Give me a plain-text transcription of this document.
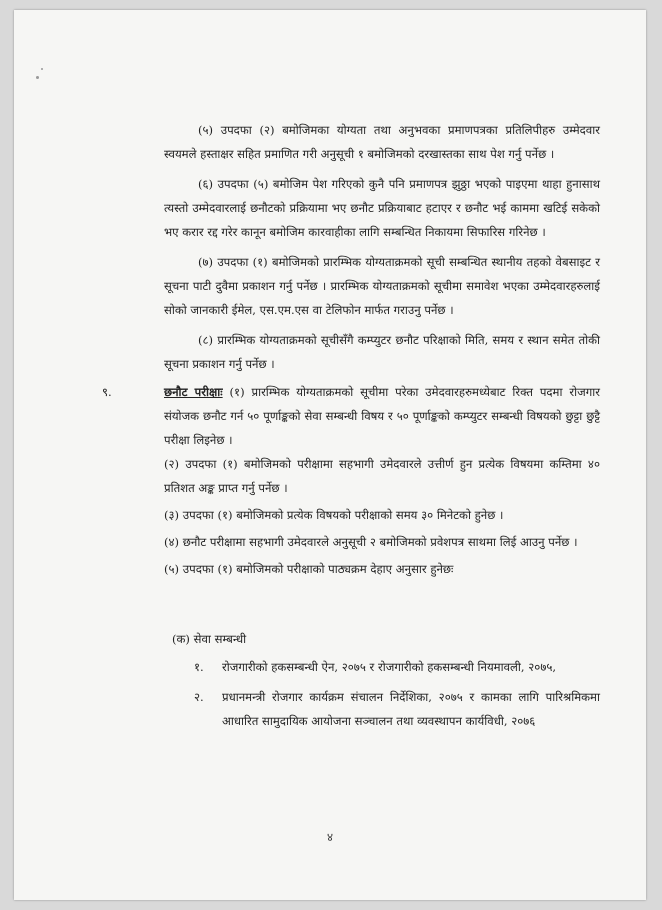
(५) उपदफा (२) बमोजिमका योग्यता तथा अनुभवका प्रमाणपत्रका प्रतिलिपीहरु उम्मेदवार स्वयमले हस्ताक्षर सहित प्रमाणित गरी अनुसूची १ बमोजिमको दरखास्तका साथ पेश गर्नु पर्नेछ ।

(६) उपदफा (५) बमोजिम पेश गरिएको कुनै पनि प्रमाणपत्र झुठ्ठा भएको पाइएमा थाहा हुनासाथ त्यस्तो उम्मेदवारलाई छनौटको प्रक्रियामा भए छनौट प्रक्रियाबाट हटाएर र छनौट भई काममा खटिई सकेको भए करार रद्द गरेर कानून बमोजिम कारवाहीका लागि सम्बन्धित निकायमा सिफारिस गरिनेछ ।

(७) उपदफा (१) बमोजिमको प्रारम्भिक योग्यताक्रमको सूची सम्बन्धित स्थानीय तहको वेबसाइट र सूचना पाटी दुवैमा प्रकाशन गर्नु पर्नेछ । प्रारम्भिक योग्यताक्रमको सूचीमा समावेश भएका उम्मेदवारहरुलाई सोको जानकारी ईमेल, एस.एम.एस वा टेलिफोन मार्फत गराउनु पर्नेछ ।

(८) प्रारम्भिक योग्यताक्रमको सूचीसँगै कम्प्युटर छनौट परिक्षाको मिति, समय र स्थान समेत तोकी सूचना प्रकाशन गर्नु पर्नेछ ।

९.	छनौट परीक्षाः (१) प्रारम्भिक योग्यताक्रमको सूचीमा परेका उमेदवारहरुमध्येबाट रिक्त पदमा रोजगार संयोजक छनौट गर्न ५० पूर्णाङ्कको सेवा सम्बन्धी विषय र ५० पूर्णाङ्कको कम्प्युटर सम्बन्धी विषयको छुट्टा छुट्टै परीक्षा लिइनेछ ।

(२) उपदफा (१) बमोजिमको परीक्षामा सहभागी उमेदवारले उत्तीर्ण हुन प्रत्येक विषयमा कम्तिमा ४० प्रतिशत अङ्क प्राप्त गर्नु पर्नेछ ।

(३) उपदफा (१) बमोजिमको प्रत्येक विषयको परीक्षाको समय ३० मिनेटको हुनेछ ।

(४) छनौट परीक्षामा सहभागी उमेदवारले अनुसूची २ बमोजिमको प्रवेशपत्र साथमा लिई आउनु पर्नेछ ।

(५) उपदफा (१) बमोजिमको परीक्षाको पाठ्यक्रम देहाए अनुसार हुनेछः

(क) सेवा सम्बन्धी

१. रोजगारीको हकसम्बन्धी ऐन, २०७५ र रोजगारीको हकसम्बन्धी नियमावली, २०७५,
२. प्रधानमन्त्री रोजगार कार्यक्रम संचालन निर्देशिका, २०७५ र कामका लागि पारिश्रमिकमा आधारित सामुदायिक आयोजना सञ्चालन तथा व्यवस्थापन कार्यविधी, २०७६
४
